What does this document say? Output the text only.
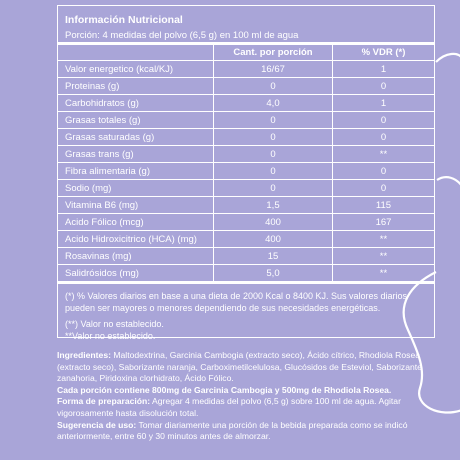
Información Nutricional
Porción: 4 medidas del polvo (6,5 g) en 100 ml de agua
	Cant. por porción	% VDR (*)
Valor energetico (kcal/KJ)	16/67	1
Proteinas (g)	0	0
Carbohidratos (g)	4,0	1
Grasas totales (g)	0	0
Grasas saturadas (g)	0	0
Grasas trans (g)	0	**
Fibra alimentaria (g)	0	0
Sodio (mg)	0	0
Vitamina B6 (mg)	1,5	115
Acido Fólico (mcg)	400	167
Acido Hidroxicitrico (HCA) (mg)	400	**
Rosavinas (mg)	15	**
Salidrósidos (mg)	5,0	**

(*) % Valores diarios en base a una dieta de 2000 Kcal o 8400 KJ. Sus valores diarios pueden ser mayores o menores dependiendo de sus necesidades energéticas.

(**) Valor no establecido.

**Valor no establecido.

Ingredientes: Maltodextrina, Garcinia Cambogia (extracto seco), Ácido cítrico, Rhodiola Rosea (extracto seco), Saborizante naranja, Carboximetilcelulosa, Glucósidos de Esteviol, Saborizante zanahoria, Piridoxina clorhidrato, Ácido Fólico.

Cada porción contiene 800mg de Garcinia Cambogia y 500mg de Rhodiola Rosea.

Forma de preparación: Agregar 4 medidas del polvo (6,5 g) sobre 100 ml de agua. Agitar vigorosamente hasta disolución total.

Sugerencia de uso: Tomar diariamente una porción de la bebida preparada como se indicó anteriormente, entre 60 y 30 minutos antes de almorzar.
